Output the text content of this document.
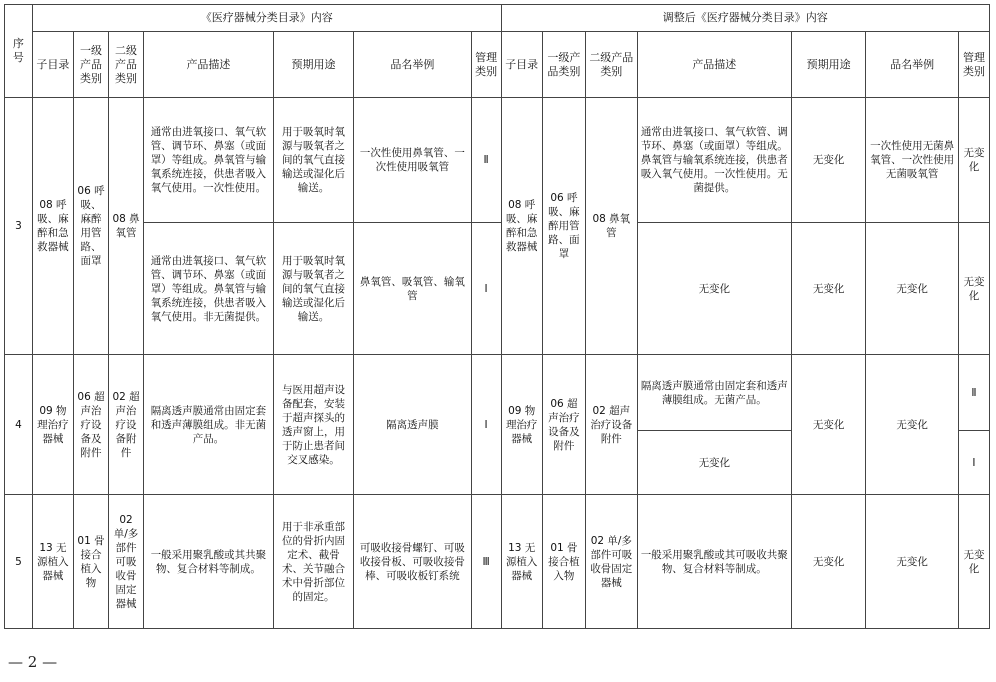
序号	《医疗器械分类目录》内容							调整后《医疗器械分类目录》内容						
	子目录	一级产品类别	二级产品类别	产品描述	预期用途	品名举例	管理类别	子目录	一级产品类别	二级产品类别	产品描述	预期用途	品名举例	管理类别
3	08 呼吸、麻醉和急救器械	06 呼吸、麻醉用管路、面罩	08 鼻氧管	通常由进氧接口、氧气软管、调节环、鼻塞（或面罩）等组成。鼻氧管与输氧系统连接，供患者吸入氧气使用。一次性使用。	用于吸氧时氧源与吸氧者之间的氧气直接输送或湿化后输送。	一次性使用鼻氧管、一次性使用吸氧管	Ⅱ	08 呼吸、麻醉和急救器械	06 呼吸、麻醉用管路、面罩	08 鼻氧管	通常由进氧接口、氧气软管、调节环、鼻塞（或面罩）等组成。鼻氧管与输氧系统连接，供患者吸入氧气使用。一次性使用。无菌提供。	无变化	一次性使用无菌鼻氧管、一次性使用无菌吸氧管	无变化
				通常由进氧接口、氧气软管、调节环、鼻塞（或面罩）等组成。鼻氧管与输氧系统连接，供患者吸入氧气使用。非无菌提供。	用于吸氧时氧源与吸氧者之间的氧气直接输送或湿化后输送。	鼻氧管、吸氧管、输氧管	Ⅰ				无变化	无变化	无变化	无变化
4	09 物理治疗器械	06 超声治疗设备及附件	02 超声治疗设备附件	隔离透声膜通常由固定套和透声薄膜组成。非无菌产品。	与医用超声设备配套，安装于超声探头的透声窗上，用于防止患者间交叉感染。	隔离透声膜	Ⅰ	09 物理治疗器械	06 超声治疗设备及附件	02 超声治疗设备附件	隔离透声膜通常由固定套和透声薄膜组成。无菌产品。	无变化	无变化	Ⅱ
											无变化			Ⅰ
5	13 无源植入器械	01 骨接合植入物	02 单/多部件可吸收骨固定器械	一般采用聚乳酸或其共聚物、复合材料等制成。	用于非承重部位的骨折内固定术、截骨术、关节融合术中骨折部位的固定。	可吸收接骨螺钉、可吸收接骨板、可吸收接骨棒、可吸收板钉系统	Ⅲ	13 无源植入器械	01 骨接合植入物	02 单/多部件可吸收骨固定器械	一般采用聚乳酸或其可吸收共聚物、复合材料等制成。	无变化	无变化	无变化
— 2 —
